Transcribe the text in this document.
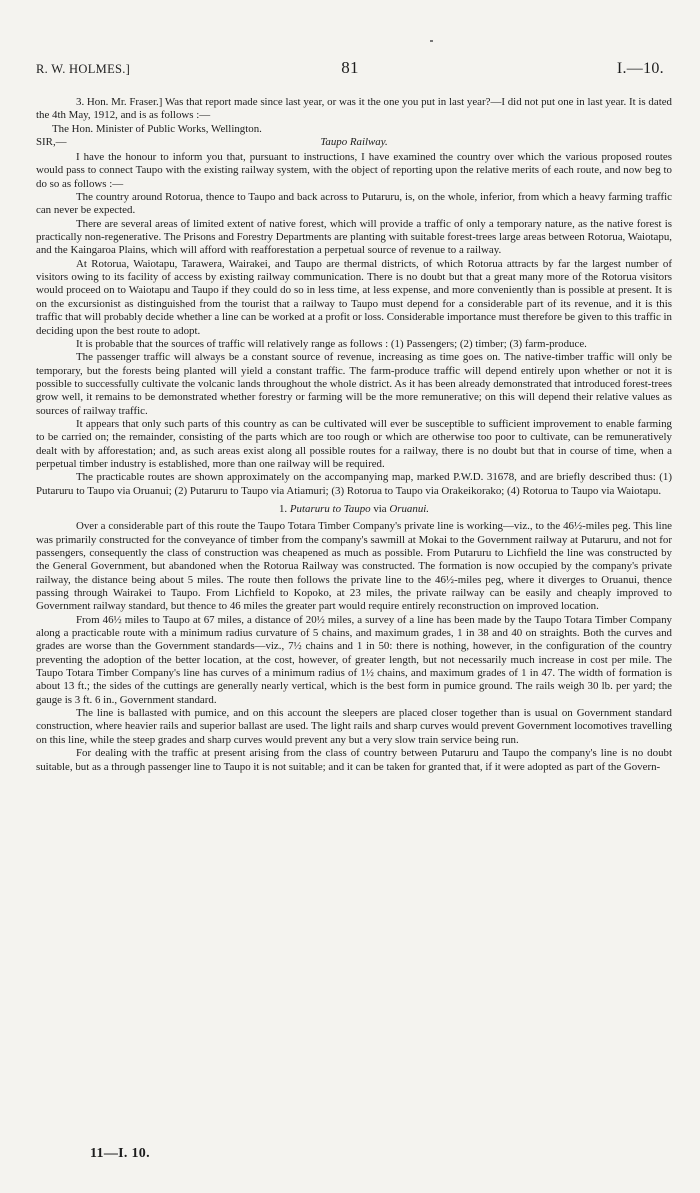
R. W. HOLMES.]	81	I.—10.

3. Hon. Mr. Fraser.] Was that report made since last year, or was it the one you put in last year?—I did not put one in last year. It is dated the 4th May, 1912, and is as follows :—

The Hon. Minister of Public Works, Wellington.

SIR,—	Taupo Railway.

I have the honour to inform you that, pursuant to instructions, I have examined the country over which the various proposed routes would pass to connect Taupo with the existing railway system, with the object of reporting upon the relative merits of each route, and now beg to do so as follows :—

The country around Rotorua, thence to Taupo and back across to Putaruru, is, on the whole, inferior, from which a heavy farming traffic can never be expected.

There are several areas of limited extent of native forest, which will provide a traffic of only a temporary nature, as the native forest is practically non-regenerative. The Prisons and Forestry Departments are planting with suitable forest-trees large areas between Rotorua, Waiotapu, and the Kaingaroa Plains, which will afford with reafforestation a perpetual source of revenue to a railway.

At Rotorua, Waiotapu, Tarawera, Wairakei, and Taupo are thermal districts, of which Rotorua attracts by far the largest number of visitors owing to its facility of access by existing railway communication. There is no doubt but that a great many more of the Rotorua visitors would proceed on to Waiotapu and Taupo if they could do so in less time, at less expense, and more conveniently than is possible at present. It is on the excursionist as distinguished from the tourist that a railway to Taupo must depend for a considerable part of its revenue, and it is this traffic that will probably decide whether a line can be worked at a profit or loss. Considerable importance must therefore be given to this traffic in deciding upon the best route to adopt.

It is probable that the sources of traffic will relatively range as follows : (1) Passengers; (2) timber; (3) farm-produce.

The passenger traffic will always be a constant source of revenue, increasing as time goes on. The native-timber traffic will only be temporary, but the forests being planted will yield a constant traffic. The farm-produce traffic will depend entirely upon whether or not it is possible to successfully cultivate the volcanic lands throughout the whole district. As it has been already demonstrated that introduced forest-trees grow well, it remains to be demonstrated whether forestry or farming will be the more remunerative; on this will depend their relative values as sources of railway traffic.

It appears that only such parts of this country as can be cultivated will ever be susceptible to sufficient improvement to enable farming to be carried on; the remainder, consisting of the parts which are too rough or which are otherwise too poor to cultivate, can be remuneratively dealt with by afforestation; and, as such areas exist along all possible routes for a railway, there is no doubt but that in course of time, when a perpetual timber industry is established, more than one railway will be required.

The practicable routes are shown approximately on the accompanying map, marked P.W.D. 31678, and are briefly described thus: (1) Putaruru to Taupo via Oruanui; (2) Putaruru to Taupo via Atiamuri; (3) Rotorua to Taupo via Orakeikorako; (4) Rotorua to Taupo via Waiotapu.

1. Putaruru to Taupo via Oruanui.

Over a considerable part of this route the Taupo Totara Timber Company's private line is working—viz., to the 46½-miles peg. This line was primarily constructed for the conveyance of timber from the company's sawmill at Mokai to the Government railway at Putaruru, and not for passengers, consequently the class of construction was cheapened as much as possible. From Putaruru to Lichfield the line was constructed by the General Government, but abandoned when the Rotorua Railway was constructed. The formation is now occupied by the company's private railway, the distance being about 5 miles. The route then follows the private line to the 46½-miles peg, where it diverges to Oruanui, thence passing through Wairakei to Taupo. From Lichfield to Kopoko, at 23 miles, the private railway can be easily and cheaply improved to Government railway standard, but thence to 46 miles the greater part would require entirely reconstruction on improved location.

From 46½ miles to Taupo at 67 miles, a distance of 20½ miles, a survey of a line has been made by the Taupo Totara Timber Company along a practicable route with a minimum radius curvature of 5 chains, and maximum grades, 1 in 38 and 40 on straights. Both the curves and grades are worse than the Government standards—viz., 7½ chains and 1 in 50: there is nothing, however, in the configuration of the country preventing the adoption of the better location, at the cost, however, of greater length, but not necessarily much increase in cost per mile. The Taupo Totara Timber Company's line has curves of a minimum radius of 1½ chains, and maximum grades of 1 in 47. The width of formation is about 13 ft.; the sides of the cuttings are generally nearly vertical, which is the best form in pumice ground. The rails weigh 30 lb. per yard; the gauge is 3 ft. 6 in., Government standard.

The line is ballasted with pumice, and on this account the sleepers are placed closer together than is usual on Government standard construction, where heavier rails and superior ballast are used. The light rails and sharp curves would prevent Government locomotives travelling on this line, while the steep grades and sharp curves would prevent any but a very slow train service being run.

For dealing with the traffic at present arising from the class of country between Putaruru and Taupo the company's line is no doubt suitable, but as a through passenger line to Taupo it is not suitable; and it can be taken for granted that, if it were adopted as part of the Govern-

11—I. 10.
